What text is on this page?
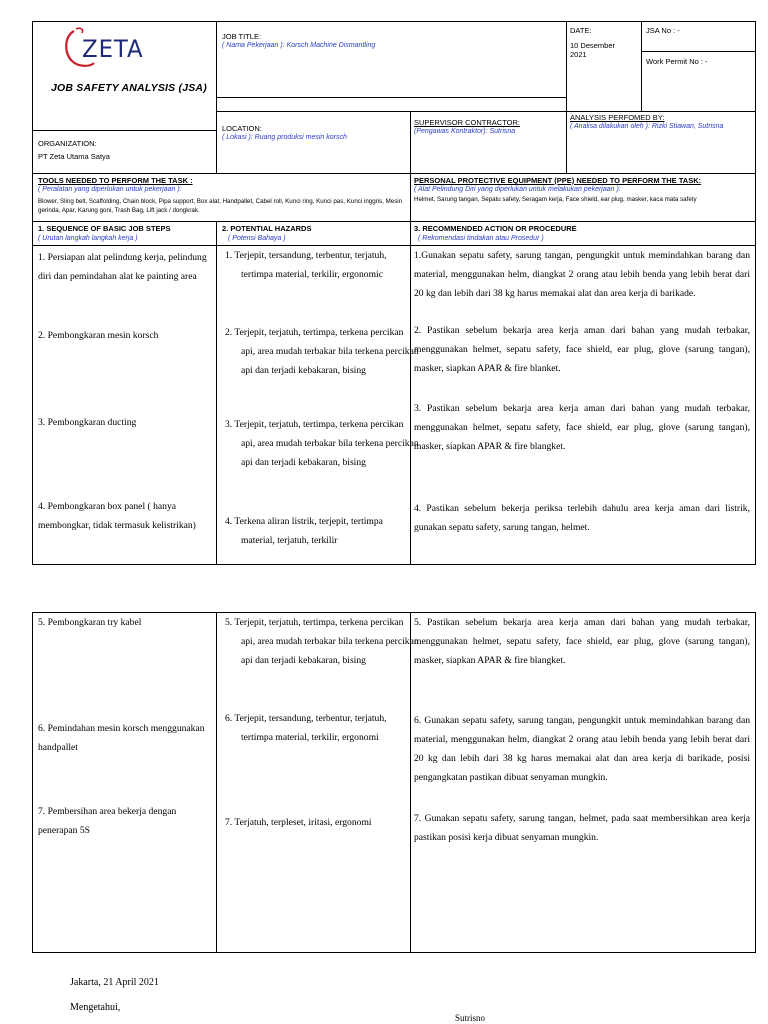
ZETA
JOB SAFETY ANALYSIS (JSA)
JOB TITLE:
( Nama Pekerjaan ): Korsch Machine Dismantling
DATE:
10 Desember 2021
JSA No : -
Work Permit No : -
LOCATION:
( Lokasi ): Ruang produksi mesin korsch
SUPERVISOR CONTRACTOR:
(Pengawas Kontraktor): Sutrisna
ANALYSIS PERFOMED BY:
( Analisa dilakukan oleh ): Rizki Stiawan, Sutrisna
ORGANIZATION:
PT Zeta Utama Satya
TOOLS NEEDED TO PERFORM THE TASK :
( Peralatan yang diperlukan untuk pekerjaan ):
Blower, Sling belt, Scaffolding, Chain block, Pipa support, Box alat, Handpallet, Cabel roll, Kunci ring, Kunci pas, Kunci inggris, Mesin gerinda, Apar, Karung goni, Trash Bag, Lift jack / dongkrak.
PERSONAL PROTECTIVE EQUIPMENT (PPE) NEEDED TO PERFORM THE TASK:
( Alat Pelindung Diri yang diperlukan untuk melakukan pekerjaan ):
Helmet, Sarung tangan, Sepatu safety, Seragam kerja, Face shield, ear plug, masker, kaca mata safety
1. SEQUENCE OF BASIC JOB STEPS
( Urutan langkah langkah kerja )
2. POTENTIAL HAZARDS
( Potensi Bahaya )
3. RECOMMENDED ACTION OR PROCEDURE
( Rekomendasi tindakan atau Prosedur )
1. Persiapan alat pelindung kerja, pelindung diri dan pemindahan alat ke painting area
1. Terjepit, tersandung, terbentur, terjatuh, tertimpa material, terkilir, ergonomic
1.Gunakan sepatu safety, sarung tangan, pengungkit untuk memindahkan barang dan material, menggunakan helm, diangkat 2 orang atau lebih benda yang lebih berat dari 20 kg dan lebih dari 38 kg harus memakai alat dan area kerja di barikade.
2. Pembongkaran mesin korsch	2. Terjepit, terjatuh, tertimpa, terkena percikan api, area mudah terbakar bila terkena percikan api dan terjadi kebakaran, bising
2. Pastikan sebelum bekarja area kerja aman dari bahan yang mudah terbakar, menggunakan helmet, sepatu safety, face shield, ear plug, glove (sarung tangan), masker, siapkan APAR & fire blanket.
3. Pembongkaran ducting	3. Terjepit, terjatuh, tertimpa, terkena percikan api, area mudah terbakar bila terkena percikan api dan terjadi kebakaran, bising
3. Pastikan sebelum bekarja area kerja aman dari bahan yang mudah terbakar, menggunakan helmet, sepatu safety, face shield, ear plug, glove (sarung tangan), masker, siapkan APAR & fire blangket.
4. Pembongkaran box panel ( hanya membongkar, tidak termasuk kelistrikan)	4. Terkena aliran listrik, terjepit, tertimpa material, terjatuh, terkilir
4. Pastikan sebelum bekerja periksa terlebih dahulu area kerja aman dari listrik, gunakan sepatu safety, sarung tangan, helmet.
5. Pembongkaran try kabel	5. Terjepit, terjatuh, tertimpa, terkena percikan api, area mudah terbakar bila terkena percikan api dan terjadi kebakaran, bising
5. Pastikan sebelum bekarja area kerja aman dari bahan yang mudah terbakar, menggunakan helmet, sepatu safety, face shield, ear plug, glove (sarung tangan), masker, siapkan APAR & fire blangket.
6. Pemindahan mesin korsch menggunakan handpallet
6. Terjepit, tersandung, terbentur, terjatuh, tertimpa material, terkilir, ergonomi
6. Gunakan sepatu safety, sarung tangan, pengungkit untuk memindahkan barang dan material, menggunakan helm, diangkat 2 orang atau lebih benda yang lebih berat dari 20 kg dan lebih dari 38 kg harus memakai alat dan area kerja di barikade, posisi pengangkatan pastikan dibuat senyaman mungkin.
7. Pembersihan area bekerja dengan penerapan 5S
7. Terjatuh, terpleset, iritasi, ergonomi	7. Gunakan sepatu safety, sarung tangan, helmet, pada saat membersihkan area kerja pastikan posisi kerja dibuat senyaman mungkin.
Jakarta, 21 April 2021
Mengetahui,
Sutrisno
